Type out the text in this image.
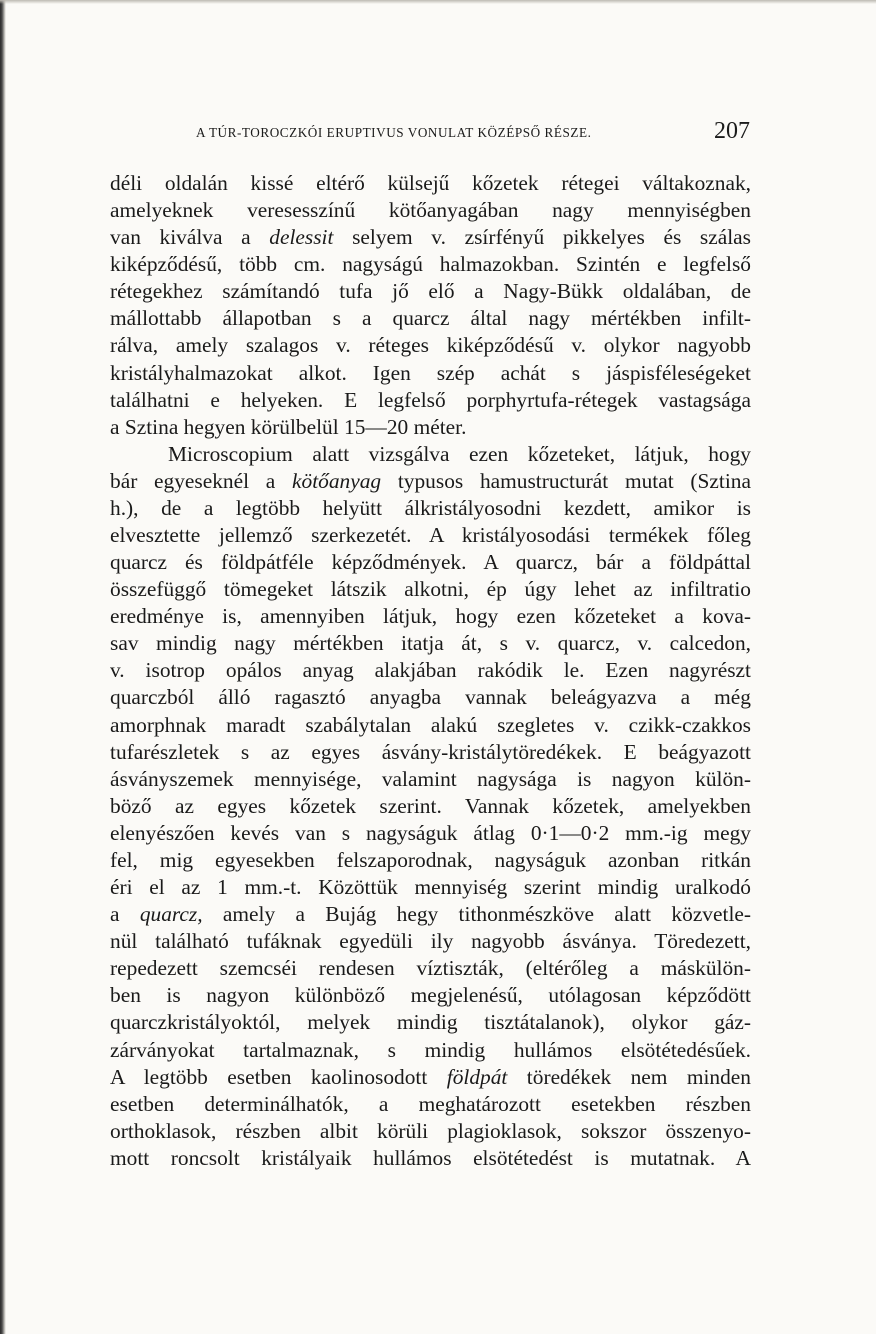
A TÚR-TOROCZKÓI ERUPTIVUS VONULAT KÖZÉPSŐ RÉSZE.	207
déli oldalán kissé eltérő külsejű kőzetek rétegei váltakoznak,
amelyeknek veresesszínű kötőanyagában nagy mennyiségben
van kiválva a delessit selyem v. zsírfényű pikkelyes és szálas
kiképződésű, több cm. nagyságú halmazokban. Szintén e legfelső
rétegekhez számítandó tufa jő elő a Nagy-Bükk oldalában, de
mállottabb állapotban s a quarcz által nagy mértékben infilt-
rálva, amely szalagos v. réteges kiképződésű v. olykor nagyobb
kristályhalmazokat alkot. Igen szép achát s jáspisféleségeket
találhatni e helyeken. E legfelső porphyrtufa-rétegek vastagsága
a Sztina hegyen körülbelül 15—20 méter.
Microscopium alatt vizsgálva ezen kőzeteket, látjuk, hogy
bár egyeseknél a kötőanyag typusos hamustructurát mutat (Sztina
h.), de a legtöbb helyütt álkristályosodni kezdett, amikor is
elvesztette jellemző szerkezetét. A kristályosodási termékek főleg
quarcz és földpátféle képződmények. A quarcz, bár a földpáttal
összefüggő tömegeket látszik alkotni, ép úgy lehet az infiltratio
eredménye is, amennyiben látjuk, hogy ezen kőzeteket a kova-
sav mindig nagy mértékben itatja át, s v. quarcz, v. calcedon,
v. isotrop opálos anyag alakjában rakódik le. Ezen nagyrészt
quarczból álló ragasztó anyagba vannak beleágyazva a még
amorphnak maradt szabálytalan alakú szegletes v. czikk-czakkos
tufarészletek s az egyes ásvány-kristálytöredékek. E beágyazott
ásványszemek mennyisége, valamint nagysága is nagyon külön-
böző az egyes kőzetek szerint. Vannak kőzetek, amelyekben
elenyészően kevés van s nagyságuk átlag 0·1—0·2 mm.-ig megy
fel, mig egyesekben felszaporodnak, nagyságuk azonban ritkán
éri el az 1 mm.-t. Közöttük mennyiség szerint mindig uralkodó
a quarcz, amely a Bujág hegy tithonmészköve alatt közvetle-
nül található tufáknak egyedüli ily nagyobb ásványa. Töredezett,
repedezett szemcséi rendesen víztiszták, (eltérőleg a máskülön-
ben is nagyon különböző megjelenésű, utólagosan képződött
quarczkristályoktól, melyek mindig tisztátalanok), olykor gáz-
zárványokat tartalmaznak, s mindig hullámos elsötétedésűek.
A legtöbb esetben kaolinosodott földpát töredékek nem minden
esetben determinálhatók, a meghatározott esetekben részben
orthoklasok, részben albit körüli plagioklasok, sokszor összenyo-
mott roncsolt kristályaik hullámos elsötétedést is mutatnak. A
